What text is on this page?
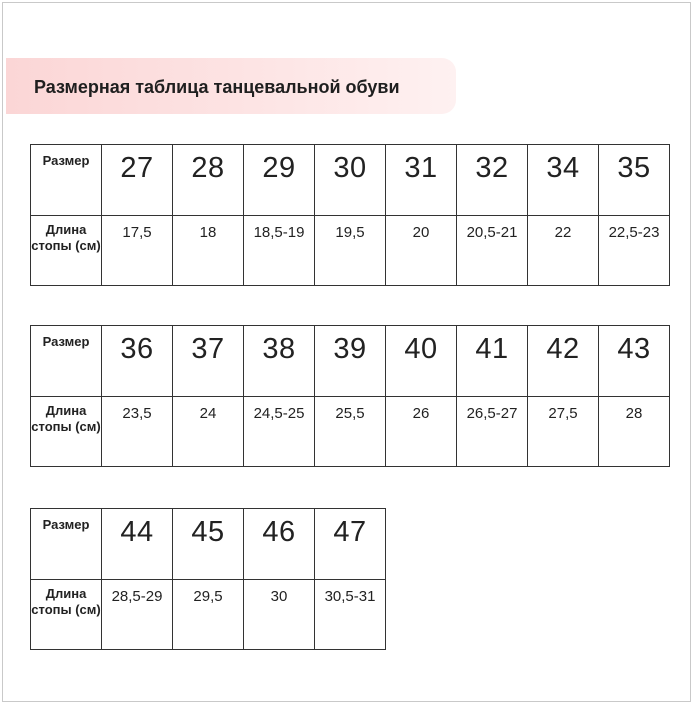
Размерная таблица танцевальной обуви
Размер	27	28	29	30	31	32	34	35
Длина стопы (см)	17,5	18	18,5-19	19,5	20	20,5-21	22	22,5-23
Размер	36	37	38	39	40	41	42	43
Длина стопы (см)	23,5	24	24,5-25	25,5	26	26,5-27	27,5	28
Размер	44	45	46	47
Длина стопы (см)	28,5-29	29,5	30	30,5-31
